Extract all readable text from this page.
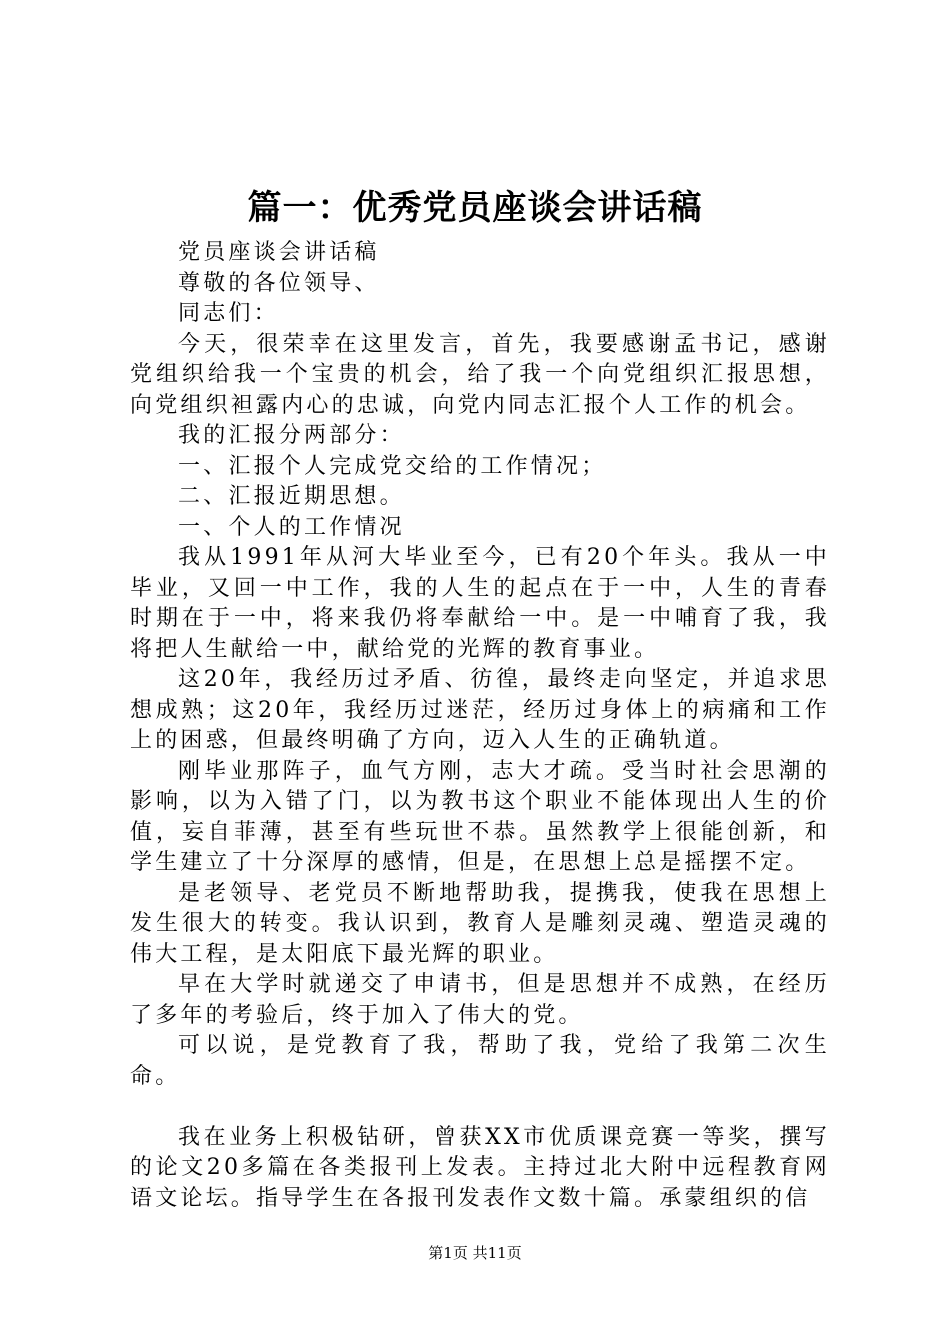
篇一：优秀党员座谈会讲话稿

党员座谈会讲话稿

尊敬的各位领导、

同志们：

今天，很荣幸在这里发言，首先，我要感谢孟书记，感谢党组织给我一个宝贵的机会，给了我一个向党组织汇报思想，向党组织袒露内心的忠诚，向党内同志汇报个人工作的机会。

我的汇报分两部分：

一、汇报个人完成党交给的工作情况；

二、汇报近期思想。

一、个人的工作情况

我从1991年从河大毕业至今，已有20个年头。我从一中毕业，又回一中工作，我的人生的起点在于一中，人生的青春时期在于一中，将来我仍将奉献给一中。是一中哺育了我，我将把人生献给一中，献给党的光辉的教育事业。

这20年，我经历过矛盾、彷徨，最终走向坚定，并追求思想成熟；这20年，我经历过迷茫，经历过身体上的病痛和工作上的困惑，但最终明确了方向，迈入人生的正确轨道。

刚毕业那阵子，血气方刚，志大才疏。受当时社会思潮的影响，以为入错了门，以为教书这个职业不能体现出人生的价值，妄自菲薄，甚至有些玩世不恭。虽然教学上很能创新，和学生建立了十分深厚的感情，但是，在思想上总是摇摆不定。

是老领导、老党员不断地帮助我，提携我，使我在思想上发生很大的转变。我认识到，教育人是雕刻灵魂、塑造灵魂的伟大工程，是太阳底下最光辉的职业。

早在大学时就递交了申请书，但是思想并不成熟，在经历了多年的考验后，终于加入了伟大的党。

可以说，是党教育了我，帮助了我，党给了我第二次生命。

我在业务上积极钻研，曾获XX市优质课竞赛一等奖，撰写的论文20多篇在各类报刊上发表。主持过北大附中远程教育网语文论坛。指导学生在各报刊发表作文数十篇。承蒙组织的信

第1页 共11页
